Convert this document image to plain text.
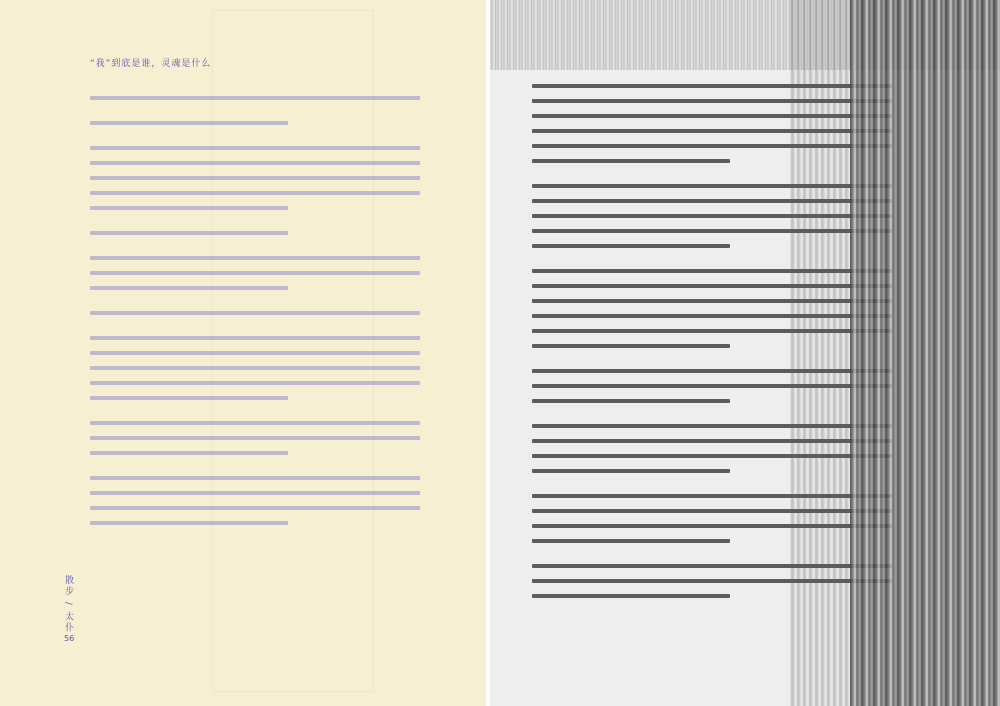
“我”到底是谁，灵魂是什么
散步 / 太仆
56
